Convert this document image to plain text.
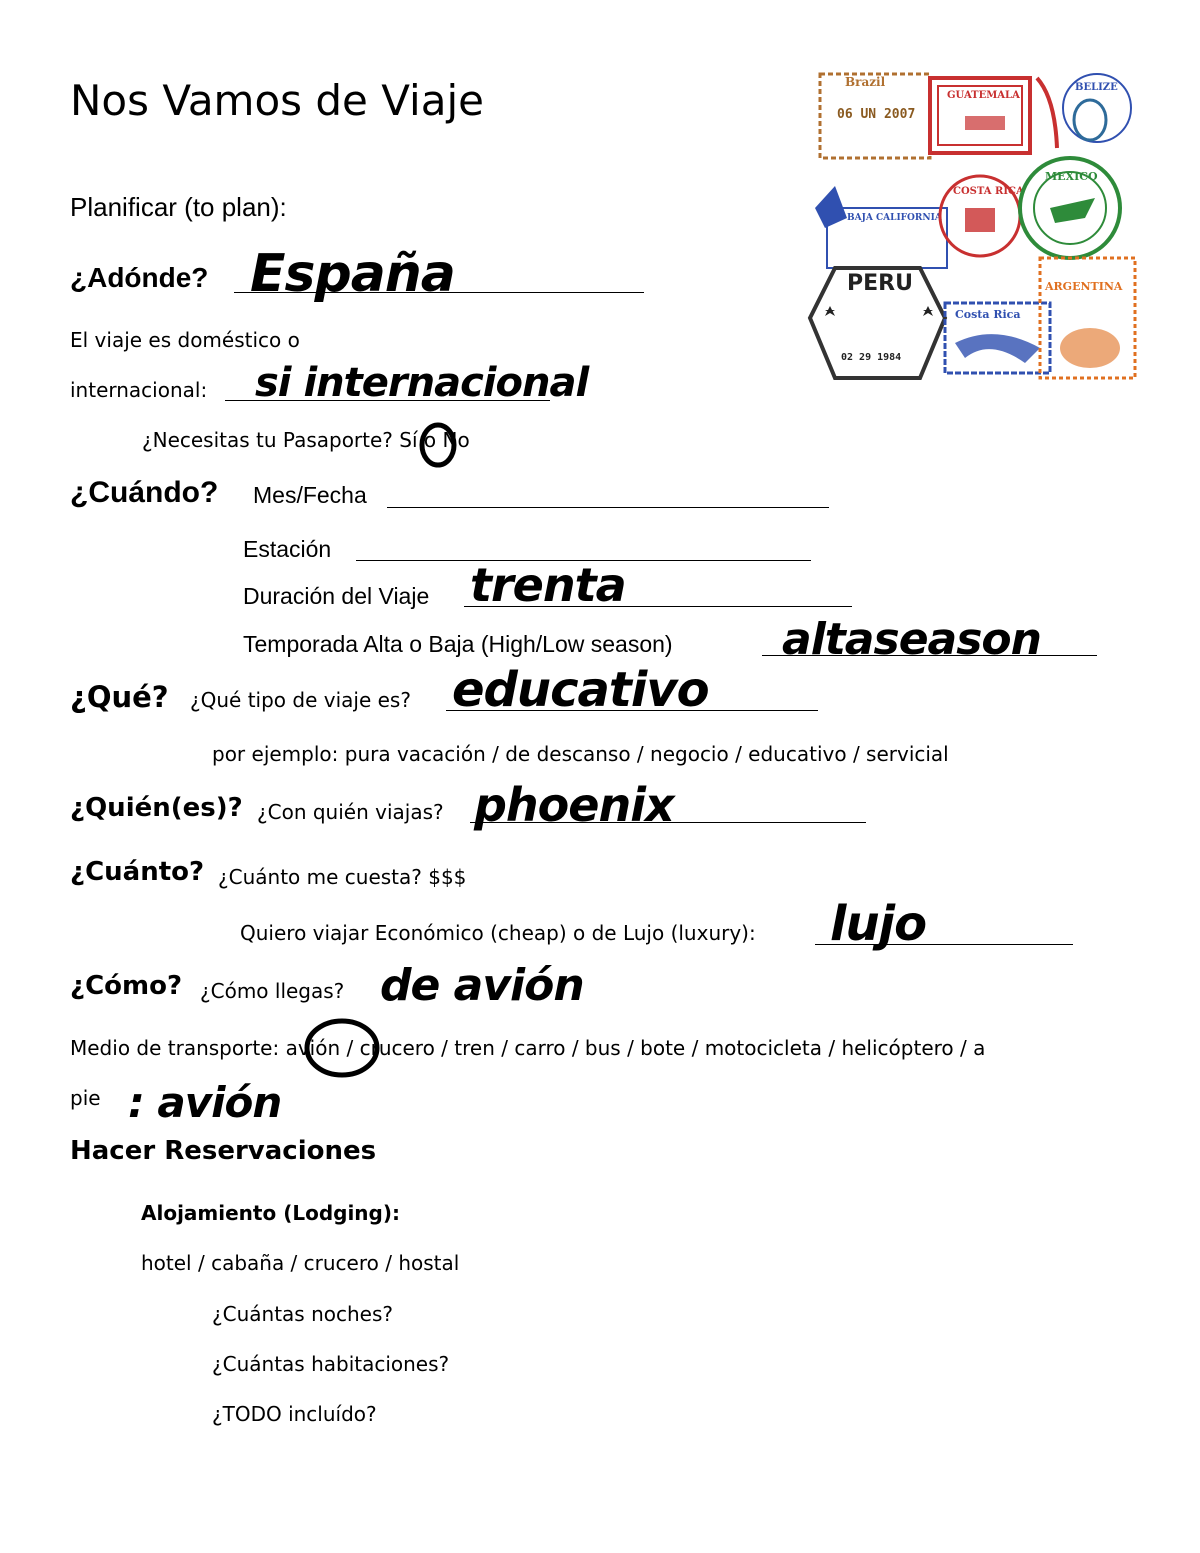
Nos Vamos de Viaje	Brazil
06 UN 2007
GUATEMALA
BELIZE
BAJA CALIFORNIA
COSTA RICA
MEXICO
PERU
02 29 1984
Costa Rica
ARGENTINA
Planificar (to plan):
¿Adónde? España
El viaje es doméstico o
internacional: si internacional
¿Necesitas tu Pasaporte? Sí o No
¿Cuándo? Mes/Fecha
Estación
Duración del Viaje trenta
Temporada Alta o Baja (High/Low season) altaseason
¿Qué? ¿Qué tipo de viaje es? educativo
por ejemplo: pura vacación / de descanso / negocio / educativo / servicial
¿Quién(es)? ¿Con quién viajas? phoenix
¿Cuánto? ¿Cuánto me cuesta? $$$
Quiero viajar Económico (cheap) o de Lujo (luxury): lujo
¿Cómo? ¿Cómo llegas? de avión
Medio de transporte: avión / crucero / tren / carro / bus / bote / motocicleta / helicóptero / a
pie : avión
Hacer Reservaciones
Alojamiento (Lodging):
hotel / cabaña / crucero / hostal
¿Cuántas noches?
¿Cuántas habitaciones?
¿TODO incluído?
